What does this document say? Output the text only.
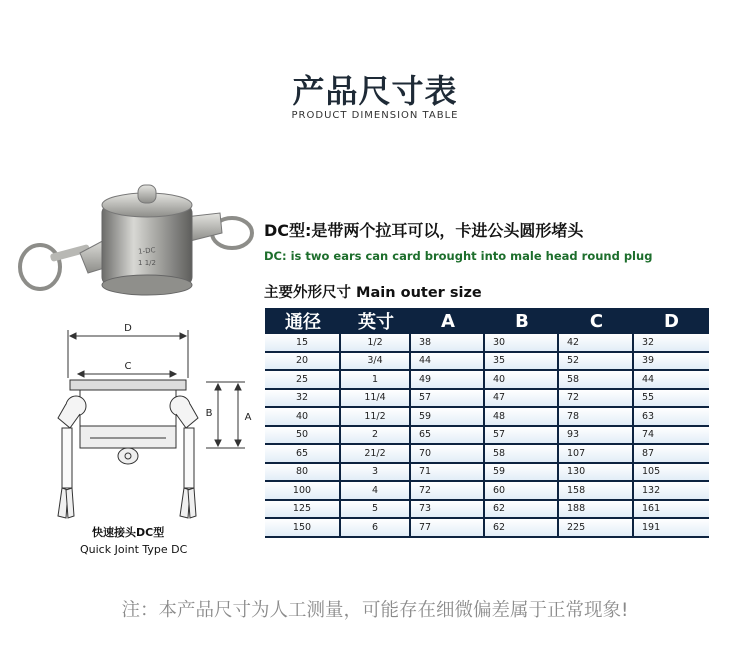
产品尺寸表
PRODUCT DIMENSION TABLE
1-DC
1 1/2
DC型:是带两个拉耳可以，卡进公头圆形堵头
DC: is two ears can card brought into male head round plug
主要外形尺寸 Main outer size
D
C
B	A
快速接头DC型
Quick Joint Type DC
通径	英寸	A	B	C	D
15	1/2	38	30	42	32
20	3/4	44	35	52	39
25	1	49	40	58	44
32	11/4	57	47	72	55
40	11/2	59	48	78	63
50	2	65	57	93	74
65	21/2	70	58	107	87
80	3	71	59	130	105
100	4	72	60	158	132
125	5	73	62	188	161
150	6	77	62	225	191
注：本产品尺寸为人工测量，可能存在细微偏差属于正常现象!
